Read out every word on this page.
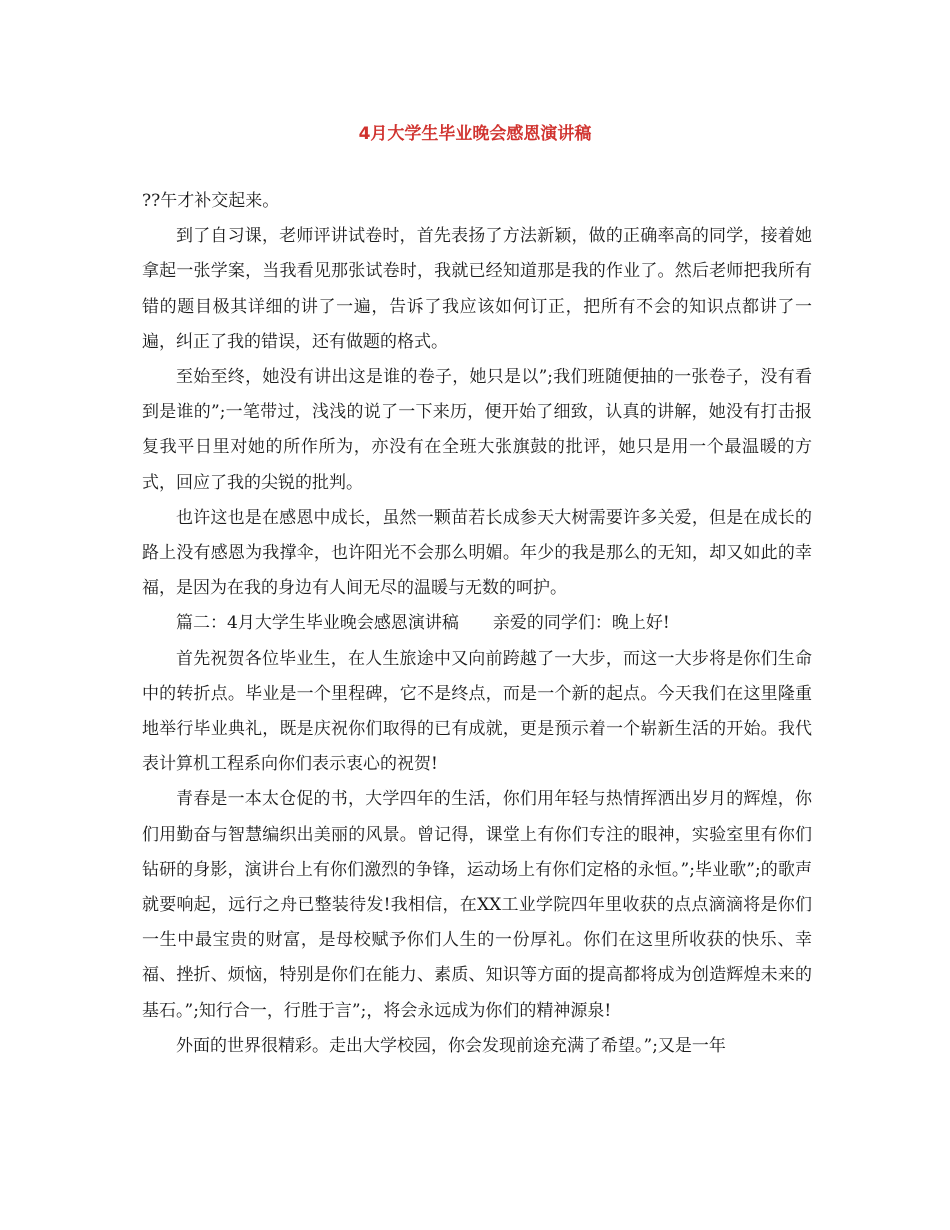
4月大学生毕业晚会感恩演讲稿

??午才补交起来。

到了自习课，老师评讲试卷时，首先表扬了方法新颖，做的正确率高的同学，接着她拿起一张学案，当我看见那张试卷时，我就已经知道那是我的作业了。然后老师把我所有错的题目极其详细的讲了一遍，告诉了我应该如何订正，把所有不会的知识点都讲了一遍，纠正了我的错误，还有做题的格式。

至始至终，她没有讲出这是谁的卷子，她只是以”;我们班随便抽的一张卷子，没有看到是谁的”;一笔带过，浅浅的说了一下来历，便开始了细致，认真的讲解，她没有打击报复我平日里对她的所作所为，亦没有在全班大张旗鼓的批评，她只是用一个最温暖的方式，回应了我的尖锐的批判。

也许这也是在感恩中成长，虽然一颗苗若长成参天大树需要许多关爱，但是在成长的路上没有感恩为我撑伞，也许阳光不会那么明媚。年少的我是那么的无知，却又如此的幸福，是因为在我的身边有人间无尽的温暖与无数的呵护。

篇二：4月大学生毕业晚会感恩演讲稿　　亲爱的同学们：晚上好!

首先祝贺各位毕业生，在人生旅途中又向前跨越了一大步，而这一大步将是你们生命中的转折点。毕业是一个里程碑，它不是终点，而是一个新的起点。今天我们在这里隆重地举行毕业典礼，既是庆祝你们取得的已有成就，更是预示着一个崭新生活的开始。我代表计算机工程系向你们表示衷心的祝贺!

青春是一本太仓促的书，大学四年的生活，你们用年轻与热情挥洒出岁月的辉煌，你们用勤奋与智慧编织出美丽的风景。曾记得，课堂上有你们专注的眼神，实验室里有你们钻研的身影，演讲台上有你们激烈的争锋，运动场上有你们定格的永恒。”;毕业歌”;的歌声就要响起，远行之舟已整装待发!我相信，在XX工业学院四年里收获的点点滴滴将是你们一生中最宝贵的财富，是母校赋予你们人生的一份厚礼。你们在这里所收获的快乐、幸福、挫折、烦恼，特别是你们在能力、素质、知识等方面的提高都将成为创造辉煌未来的基石。”;知行合一，行胜于言”;，将会永远成为你们的精神源泉!

外面的世界很精彩。走出大学校园，你会发现前途充满了希望。”;又是一年
